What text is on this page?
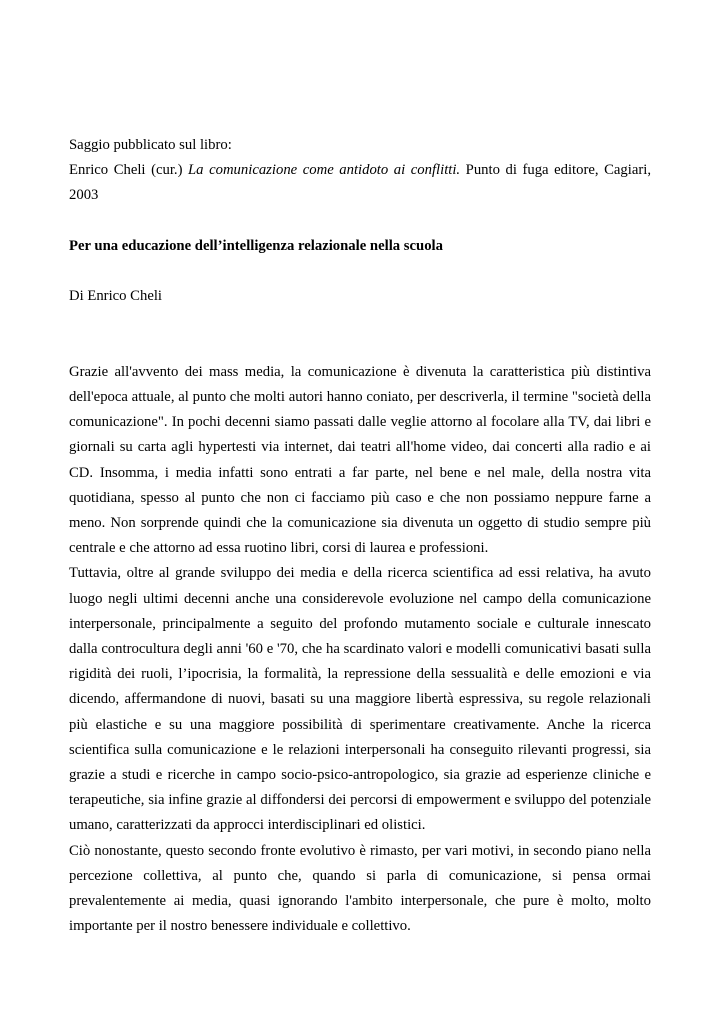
Saggio pubblicato sul libro:

Enrico Cheli (cur.) La comunicazione come antidoto ai conflitti. Punto di fuga editore, Cagiari, 2003

Per una educazione dell’intelligenza relazionale nella scuola

Di Enrico Cheli

Grazie all'avvento dei mass media, la comunicazione è divenuta la caratteristica più distintiva dell'epoca attuale, al punto che molti autori hanno coniato, per descriverla, il termine "società della comunicazione". In pochi decenni siamo passati dalle veglie attorno al focolare alla TV, dai libri e giornali su carta agli hypertesti via internet, dai teatri all'home video, dai concerti alla radio e ai CD. Insomma, i media infatti sono entrati a far parte, nel bene e nel male, della nostra vita quotidiana, spesso al punto che non ci facciamo più caso e che non possiamo neppure farne a meno. Non sorprende quindi che la comunicazione sia divenuta un oggetto di studio sempre più centrale e che attorno ad essa ruotino libri, corsi di laurea e professioni.

Tuttavia, oltre al grande sviluppo dei media e della ricerca scientifica ad essi relativa, ha avuto luogo negli ultimi decenni anche una considerevole evoluzione nel campo della comunicazione interpersonale, principalmente a seguito del profondo mutamento sociale e culturale innescato dalla controcultura degli anni '60 e '70, che ha scardinato valori e modelli comunicativi basati sulla rigidità dei ruoli, l’ipocrisia, la formalità, la repressione della sessualità e delle emozioni e via dicendo, affermandone di nuovi, basati su una maggiore libertà espressiva, su regole relazionali più elastiche e su una maggiore possibilità di sperimentare creativamente. Anche la ricerca scientifica sulla comunicazione e le relazioni interpersonali ha conseguito rilevanti progressi, sia grazie a studi e ricerche in campo socio-psico-antropologico, sia grazie ad esperienze cliniche e terapeutiche, sia infine grazie al diffondersi dei percorsi di empowerment e sviluppo del potenziale umano, caratterizzati da approcci interdisciplinari ed olistici.

Ciò nonostante, questo secondo fronte evolutivo è rimasto, per vari motivi, in secondo piano nella percezione collettiva, al punto che, quando si parla di comunicazione, si pensa ormai prevalentemente ai media, quasi ignorando l'ambito interpersonale, che pure è molto, molto importante per il nostro benessere individuale e collettivo.
